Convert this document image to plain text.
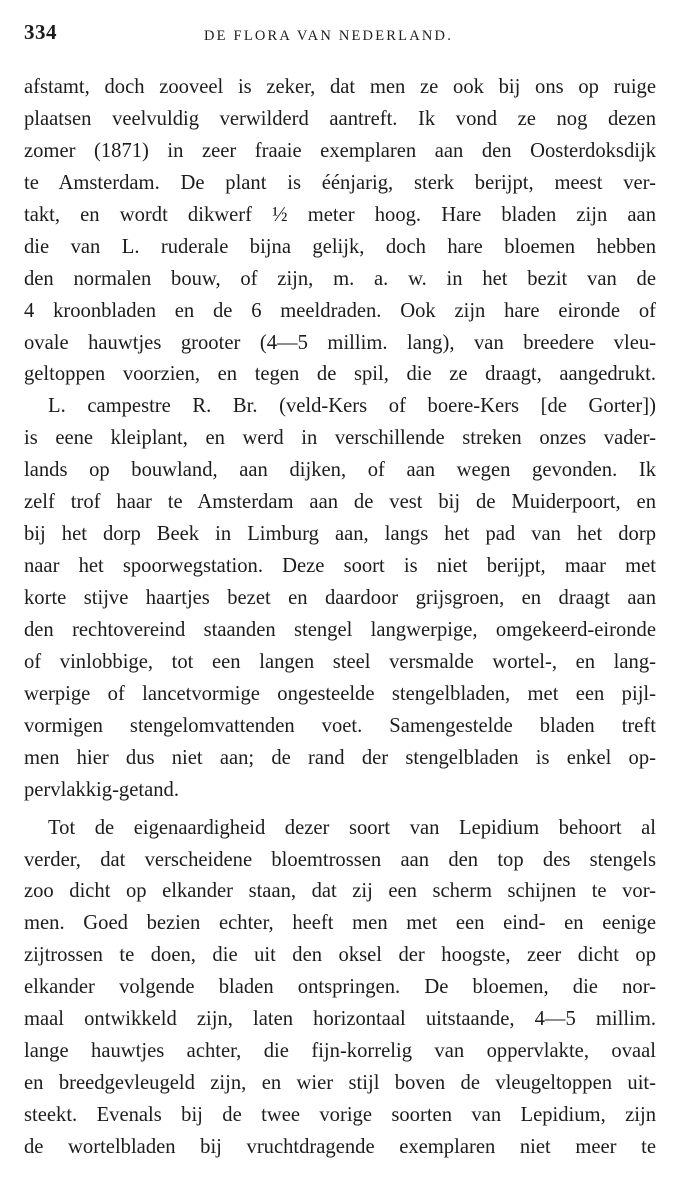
334	DE FLORA VAN NEDERLAND.
afstamt, doch zooveel is zeker, dat men ze ook bij ons op ruige
plaatsen veelvuldig verwilderd aantreft. Ik vond ze nog dezen
zomer (1871) in zeer fraaie exemplaren aan den Oosterdoksdijk
te Amsterdam. De plant is éénjarig, sterk berijpt, meest ver-
takt, en wordt dikwerf ½ meter hoog. Hare bladen zijn aan
die van L. ruderale bijna gelijk, doch hare bloemen hebben
den normalen bouw, of zijn, m. a. w. in het bezit van de
4 kroonbladen en de 6 meeldraden. Ook zijn hare eironde of
ovale hauwtjes grooter (4—5 millim. lang), van breedere vleu-
geltoppen voorzien, en tegen de spil, die ze draagt, aangedrukt.
L. campestre R. Br. (veld-Kers of boere-Kers [de Gorter])
is eene kleiplant, en werd in verschillende streken onzes vader-
lands op bouwland, aan dijken, of aan wegen gevonden. Ik
zelf trof haar te Amsterdam aan de vest bij de Muiderpoort, en
bij het dorp Beek in Limburg aan, langs het pad van het dorp
naar het spoorwegstation. Deze soort is niet berijpt, maar met
korte stijve haartjes bezet en daardoor grijsgroen, en draagt aan
den rechtovereind staanden stengel langwerpige, omgekeerd-eironde
of vinlobbige, tot een langen steel versmalde wortel-, en lang-
werpige of lancetvormige ongesteelde stengelbladen, met een pijl-
vormigen stengelomvattenden voet. Samengestelde bladen treft
men hier dus niet aan; de rand der stengelbladen is enkel op-
pervlakkig-getand.
Tot de eigenaardigheid dezer soort van Lepidium behoort al
verder, dat verscheidene bloemtrossen aan den top des stengels
zoo dicht op elkander staan, dat zij een scherm schijnen te vor-
men. Goed bezien echter, heeft men met een eind- en eenige
zijtrossen te doen, die uit den oksel der hoogste, zeer dicht op
elkander volgende bladen ontspringen. De bloemen, die nor-
maal ontwikkeld zijn, laten horizontaal uitstaande, 4—5 millim.
lange hauwtjes achter, die fijn-korrelig van oppervlakte, ovaal
en breedgevleugeld zijn, en wier stijl boven de vleugeltoppen uit-
steekt. Evenals bij de twee vorige soorten van Lepidium, zijn
de wortelbladen bij vruchtdragende exemplaren niet meer te
